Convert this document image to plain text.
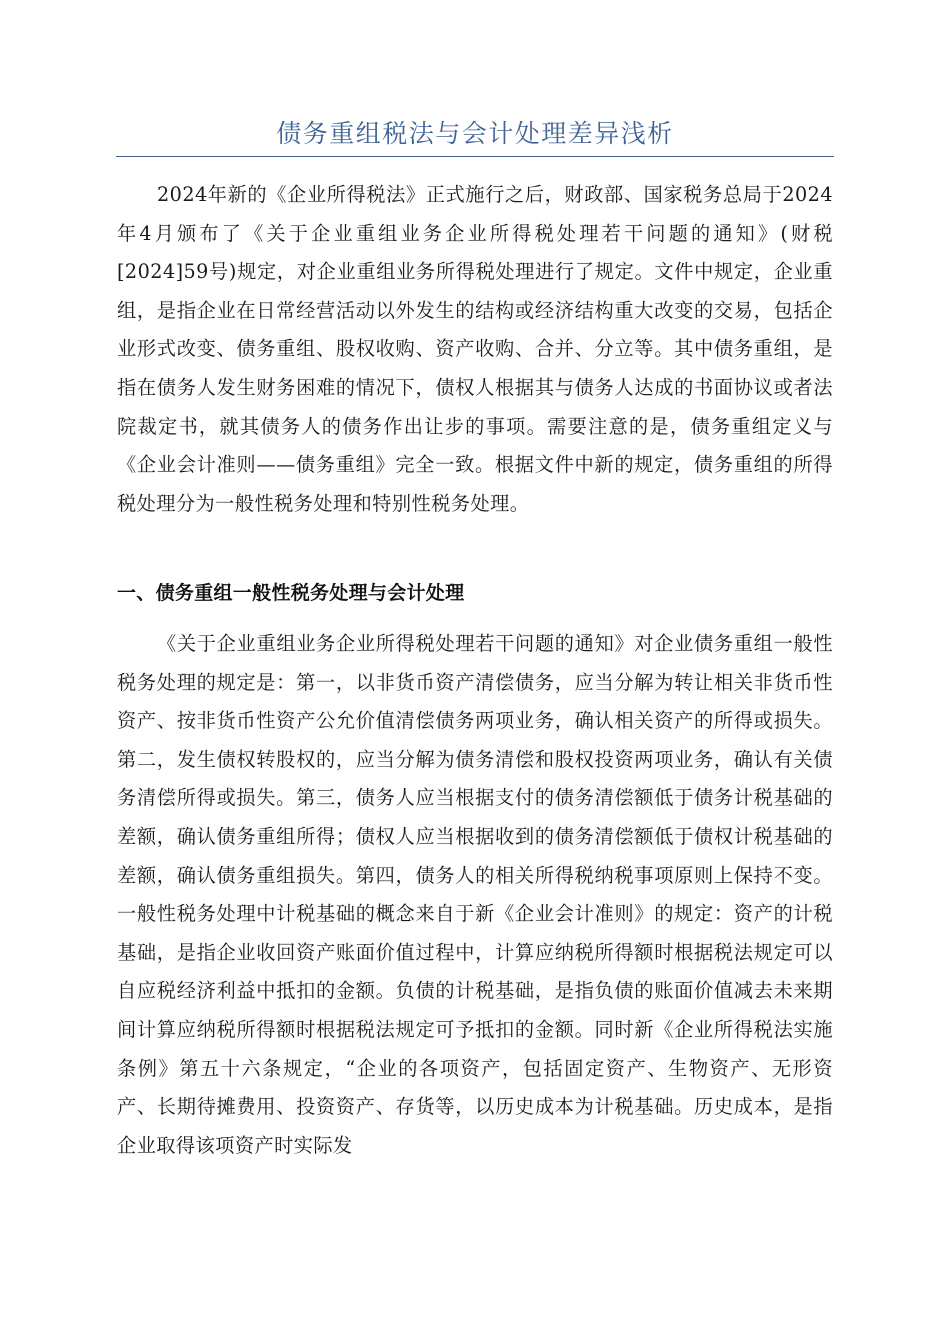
债务重组税法与会计处理差异浅析

2024年新的《企业所得税法》正式施行之后，财政部、国家税务总局于2024年4月颁布了《关于企业重组业务企业所得税处理若干问题的通知》(财税[2024]59号)规定，对企业重组业务所得税处理进行了规定。文件中规定，企业重组，是指企业在日常经营活动以外发生的结构或经济结构重大改变的交易，包括企业形式改变、债务重组、股权收购、资产收购、合并、分立等。其中债务重组，是指在债务人发生财务困难的情况下，债权人根据其与债务人达成的书面协议或者法院裁定书，就其债务人的债务作出让步的事项。需要注意的是，债务重组定义与《企业会计准则——债务重组》完全一致。根据文件中新的规定，债务重组的所得税处理分为一般性税务处理和特别性税务处理。

一、债务重组一般性税务处理与会计处理

《关于企业重组业务企业所得税处理若干问题的通知》对企业债务重组一般性税务处理的规定是：第一，以非货币资产清偿债务，应当分解为转让相关非货币性资产、按非货币性资产公允价值清偿债务两项业务，确认相关资产的所得或损失。第二，发生债权转股权的，应当分解为债务清偿和股权投资两项业务，确认有关债务清偿所得或损失。第三，债务人应当根据支付的债务清偿额低于债务计税基础的差额，确认债务重组所得；债权人应当根据收到的债务清偿额低于债权计税基础的差额，确认债务重组损失。第四，债务人的相关所得税纳税事项原则上保持不变。一般性税务处理中计税基础的概念来自于新《企业会计准则》的规定：资产的计税基础，是指企业收回资产账面价值过程中，计算应纳税所得额时根据税法规定可以自应税经济利益中抵扣的金额。负债的计税基础，是指负债的账面价值减去未来期间计算应纳税所得额时根据税法规定可予抵扣的金额。同时新《企业所得税法实施条例》第五十六条规定，“企业的各项资产，包括固定资产、生物资产、无形资产、长期待摊费用、投资资产、存货等，以历史成本为计税基础。历史成本，是指企业取得该项资产时实际发
